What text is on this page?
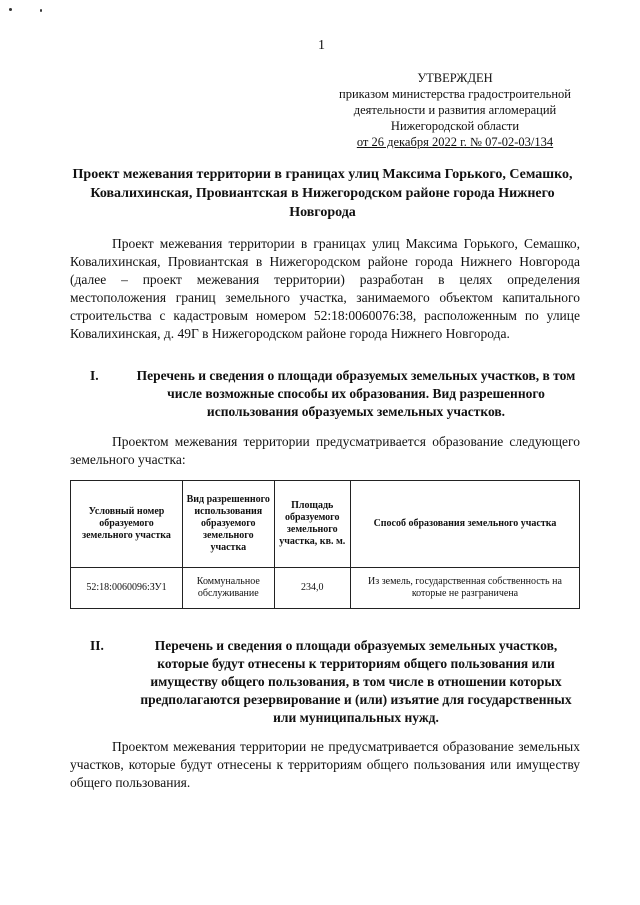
1
УТВЕРЖДЕН
приказом министерства градостроительной
деятельности и развития агломераций
Нижегородской области
от 26 декабря 2022 г. № 07-02-03/134
Проект межевания территории в границах улиц Максима Горького, Семашко, Ковалихинская, Провиантская в Нижегородском районе города Нижнего Новгорода

Проект межевания территории в границах улиц Максима Горького, Семашко, Ковалихинская, Провиантская в Нижегородском районе города Нижнего Новгорода (далее – проект межевания территории) разработан в целях определения местоположения границ земельного участка, занимаемого объектом капитального строительства с кадастровым номером 52:18:0060076:38, расположенным по улице Ковалихинская, д. 49Г в Нижегородском районе города Нижнего Новгорода.

I.	Перечень и сведения о площади образуемых земельных участков, в том числе возможные способы их образования. Вид разрешенного использования образуемых земельных участков.

Проектом межевания территории предусматривается образование следующего земельного участка:

Условный номер образуемого земельного участка	Вид разрешенного использования образуемого земельного участка	Площадь образуемого земельного участка, кв. м.	Способ образования земельного участка
52:18:0060096:ЗУ1	Коммунальное обслуживание	234,0	Из земель, государственная собственность на которые не разграничена
II.	Перечень и сведения о площади образуемых земельных участков, которые будут отнесены к территориям общего пользования или имуществу общего пользования, в том числе в отношении которых предполагаются резервирование и (или) изъятие для государственных или муниципальных нужд.

Проектом межевания территории не предусматривается образование земельных участков, которые будут отнесены к территориям общего пользования или имуществу общего пользования.
